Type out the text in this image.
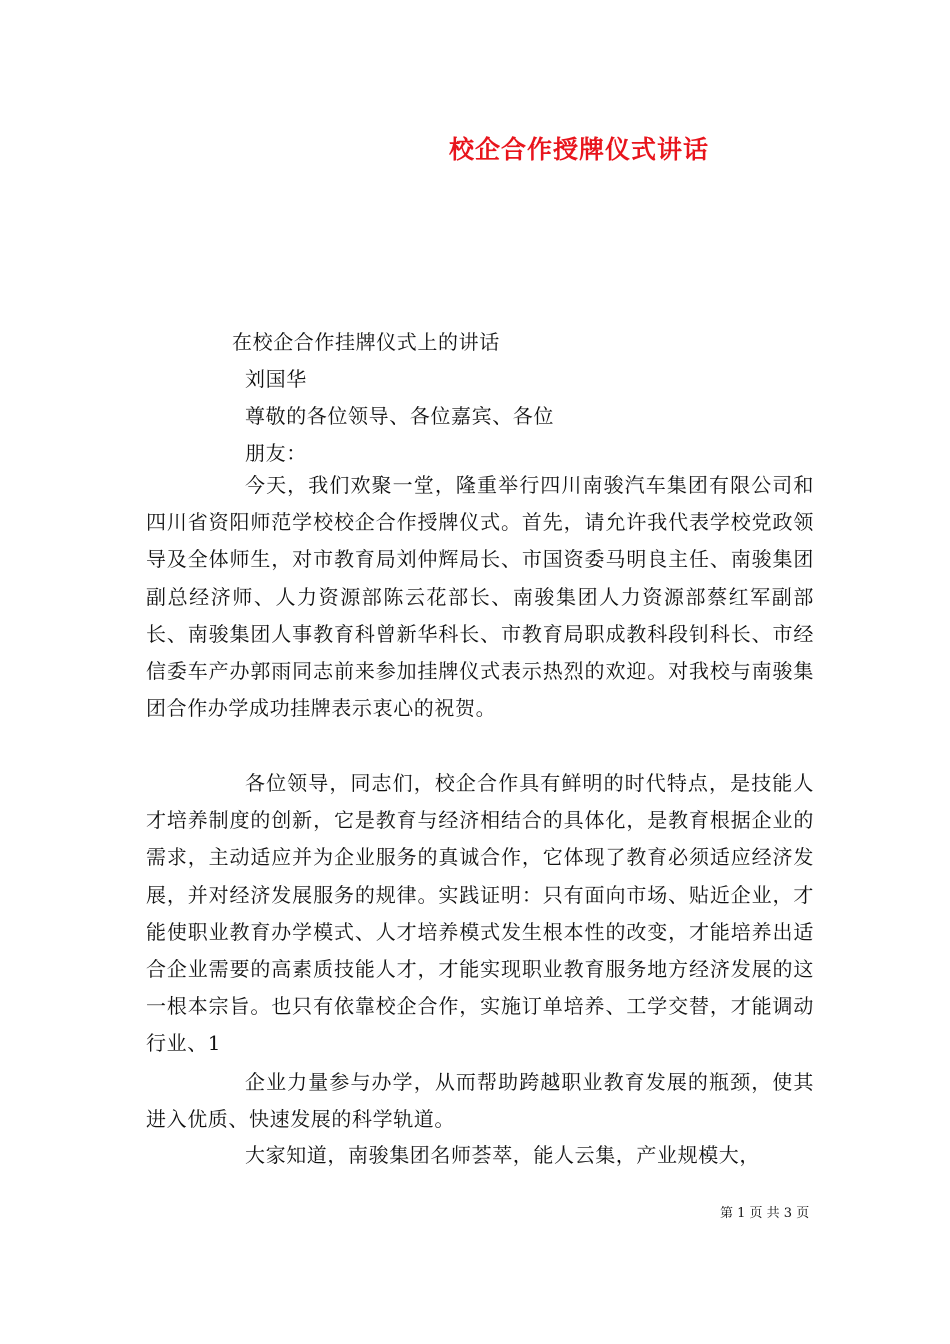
校企合作授牌仪式讲话
在校企合作挂牌仪式上的讲话
刘国华
尊敬的各位领导、各位嘉宾、各位
朋友：

今天，我们欢聚一堂，隆重举行四川南骏汽车集团有限公司和四川省资阳师范学校校企合作授牌仪式。首先，请允许我代表学校党政领导及全体师生，对市教育局刘仲辉局长、市国资委马明良主任、南骏集团副总经济师、人力资源部陈云花部长、南骏集团人力资源部蔡红军副部长、南骏集团人事教育科曾新华科长、市教育局职成教科段钊科长、市经信委车产办郭雨同志前来参加挂牌仪式表示热烈的欢迎。对我校与南骏集团合作办学成功挂牌表示衷心的祝贺。

各位领导，同志们，校企合作具有鲜明的时代特点，是技能人才培养制度的创新，它是教育与经济相结合的具体化，是教育根据企业的需求，主动适应并为企业服务的真诚合作，它体现了教育必须适应经济发展，并对经济发展服务的规律。实践证明：只有面向市场、贴近企业，才能使职业教育办学模式、人才培养模式发生根本性的改变，才能培养出适合企业需要的高素质技能人才，才能实现职业教育服务地方经济发展的这一根本宗旨。也只有依靠校企合作，实施订单培养、工学交替，才能调动行业、1

企业力量参与办学，从而帮助跨越职业教育发展的瓶颈，使其进入优质、快速发展的科学轨道。

大家知道，南骏集团名师荟萃，能人云集，产业规模大，

第 1 页 共 3 页
